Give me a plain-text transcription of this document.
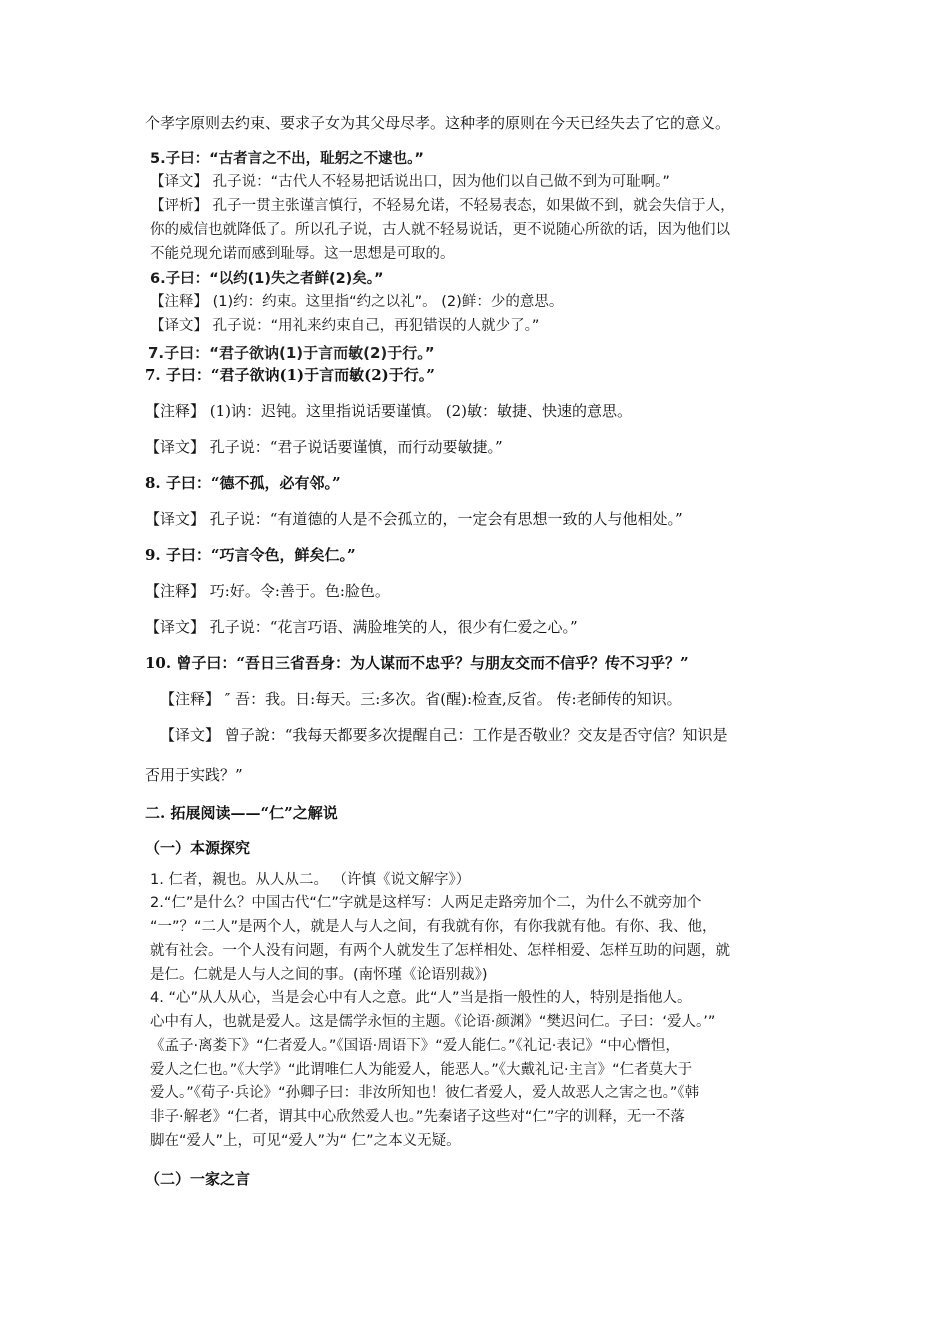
个孝字原则去约束、要求子女为其父母尽孝。这种孝的原则在今天已经失去了它的意义。
5.子曰：“古者言之不出，耻躬之不逮也。”
【译文】 孔子说：“古代人不轻易把话说出口，因为他们以自己做不到为可耻啊。”
【评析】 孔子一贯主张谨言慎行，不轻易允诺，不轻易表态，如果做不到，就会失信于人，
你的威信也就降低了。所以孔子说，古人就不轻易说话，更不说随心所欲的话，因为他们以
不能兑现允诺而感到耻辱。这一思想是可取的。
6.子曰：“以约(1)失之者鲜(2)矣。”
【注释】 (1)约：约束。这里指“约之以礼”。 (2)鲜：少的意思。
【译文】 孔子说：“用礼来约束自己，再犯错误的人就少了。”
7. 子曰：“君子欲讷(1)于言而敏(2)于行。”
【注释】 (1)讷：迟钝。这里指说话要谨慎。 (2)敏：敏捷、快速的意思。
【译文】 孔子说：“君子说话要谨慎，而行动要敏捷。”
8. 子曰：“德不孤，必有邻。”
【译文】 孔子说：“有道德的人是不会孤立的，一定会有思想一致的人与他相处。”
9. 子曰：“巧言令色，鲜矣仁。”
【注释】 巧:好。令:善于。色:脸色。
【译文】 孔子说：“花言巧语、满脸堆笑的人，很少有仁爱之心。”
10. 曾子曰：“吾日三省吾身：为人谋而不忠乎？与朋友交而不信乎？传不习乎？”
【注释】 ″ 吾：我。日:每天。三:多次。省(醒):检查,反省。 传:老師传的知识。
【译文】 曾子說：“我每天都要多次提醒自己：工作是否敬业？交友是否守信？知识是
否用于实践？”
二. 拓展阅读——“仁”之解说
（一）本源探究
1. 仁者，親也。从人从二。 （许慎《说文解字》）
2.“仁”是什么？中国古代“仁”字就是这样写：人两足走路旁加个二，为什么不就旁加个
“一”？“二人”是两个人，就是人与人之间，有我就有你，有你我就有他。有你、我、他，
就有社会。一个人没有问题，有两个人就发生了怎样相处、怎样相爱、怎样互助的问题，就
是仁。仁就是人与人之间的事。(南怀瑾《论语别裁》)
4. “心”从人从心，当是会心中有人之意。此“人”当是指一般性的人，特别是指他人。
心中有人，也就是爱人。这是儒学永恒的主题。《论语·颜渊》“樊迟问仁。子曰：‘爱人。’”
《孟子·离娄下》“仁者爱人。”《国语·周语下》“爱人能仁。”《礼记·表记》“中心憯怛，
爱人之仁也。”《大学》“此谓唯仁人为能爱人，能恶人。”《大戴礼记·主言》“仁者莫大于
爱人。”《荀子·兵论》“孙卿子曰：非汝所知也！彼仁者爱人，爱人故恶人之害之也。”《韩
非子·解老》“仁者，谓其中心欣然爱人也。”先秦诸子这些对“仁”字的训释，无一不落
脚在“爱人”上，可见“爱人”为“ 仁”之本义无疑。
（二）一家之言
7.子曰：“君子欲讷(1)于言而敏(2)于行。”
